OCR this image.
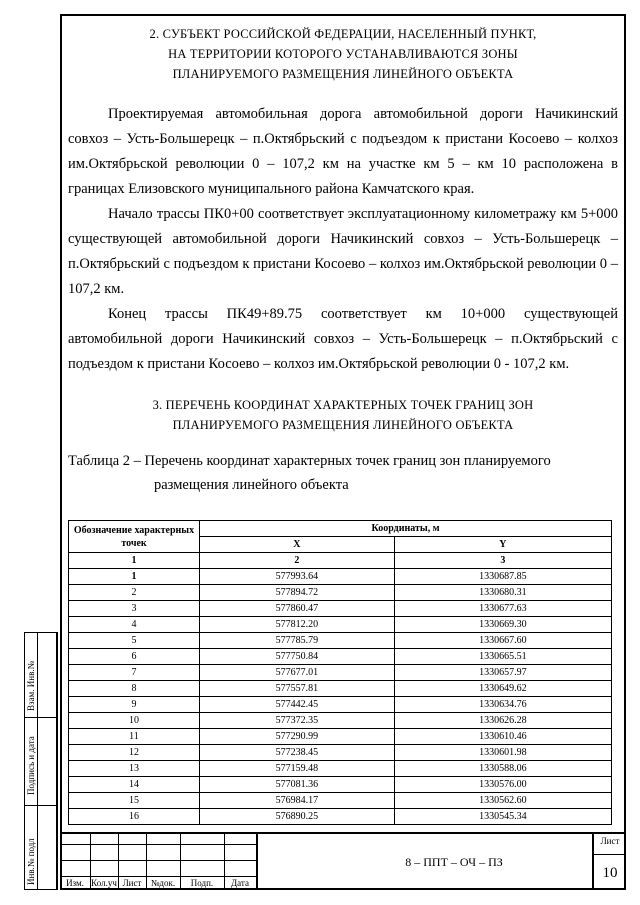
2. СУБЪЕКТ РОССИЙСКОЙ ФЕДЕРАЦИИ, НАСЕЛЕННЫЙ ПУНКТ,
НА ТЕРРИТОРИИ КОТОРОГО УСТАНАВЛИВАЮТСЯ ЗОНЫ
ПЛАНИРУЕМОГО РАЗМЕЩЕНИЯ ЛИНЕЙНОГО ОБЪЕКТА

Проектируемая автомобильная дорога автомобильной дороги Начикинский совхоз – Усть-Большерецк – п.Октябрьский с подъездом к пристани Косоево – колхоз им.Октябрьской революции 0 – 107,2 км на участке км 5 – км 10 расположена в границах Елизовского муниципального района Камчатского края.

Начало трассы ПК0+00 соответствует эксплуатационному километражу км 5+000 существующей автомобильной дороги Начикинский совхоз – Усть-Большерецк – п.Октябрьский с подъездом к пристани Косоево – колхоз им.Октябрьской революции 0 – 107,2 км.

Конец трассы ПК49+89.75 соответствует км 10+000 существующей автомобильной дороги Начикинский совхоз – Усть-Большерецк – п.Октябрьский с подъездом к пристани Косоево – колхоз им.Октябрьской революции 0 - 107,2 км.

3. ПЕРЕЧЕНЬ КООРДИНАТ ХАРАКТЕРНЫХ ТОЧЕК ГРАНИЦ ЗОН
ПЛАНИРУЕМОГО РАЗМЕЩЕНИЯ ЛИНЕЙНОГО ОБЪЕКТА
Таблица 2 – Перечень координат характерных точек границ зон планируемого
размещения линейного объекта
Обозначение характерных точек	Координаты, м	
	X	Y
1	2	3
1	577993.64	1330687.85
2	577894.72	1330680.31
3	577860.47	1330677.63
4	577812.20	1330669.30
5	577785.79	1330667.60
6	577750.84	1330665.51
7	577677.01	1330657.97
8	577557.81	1330649.62
9	577442.45	1330634.76
10	577372.35	1330626.28
11	577290.99	1330610.46
12	577238.45	1330601.98
13	577159.48	1330588.06
14	577081.36	1330576.00
15	576984.17	1330562.60
16	576890.25	1330545.34
Инв.№ подл
Подпись и дата
Взам. Инв.№
Изм. Кол.уч Лист	№док.	Подп.	Дата
8 – ППТ – ОЧ – ПЗ
Лист
10
